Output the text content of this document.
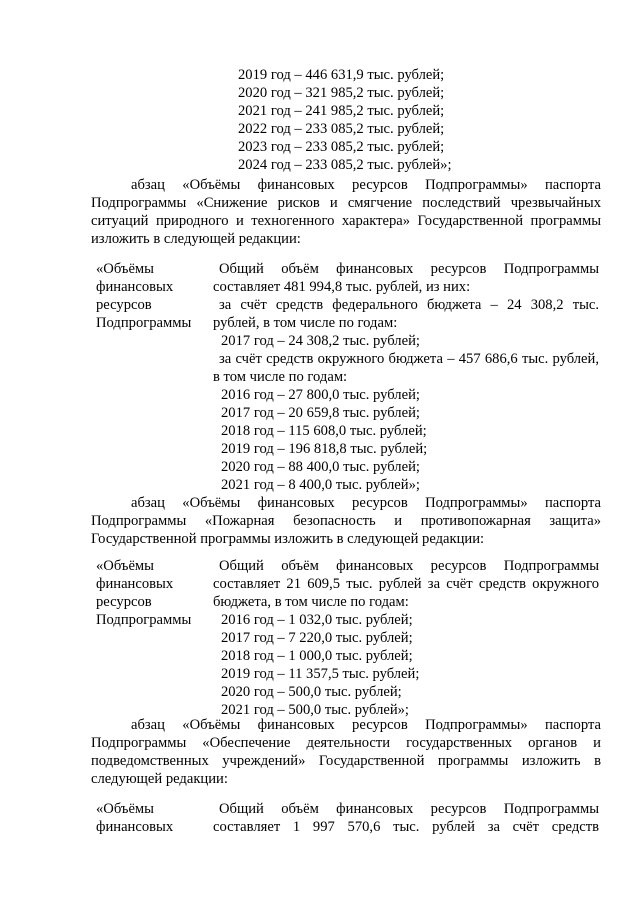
2019 год – 446 631,9 тыс. рублей;
2020 год – 321 985,2 тыс. рублей;
2021 год – 241 985,2 тыс. рублей;
2022 год – 233 085,2 тыс. рублей;
2023 год – 233 085,2 тыс. рублей;
2024 год – 233 085,2 тыс. рублей»;
абзац «Объёмы финансовых ресурсов Подпрограммы» паспорта Подпрограммы «Снижение рисков и смягчение последствий чрезвычайных ситуаций природного и техногенного характера» Государственной программы изложить в следующей редакции:
«Объёмы
финансовых
ресурсов
Подпрограммы
Общий объём финансовых ресурсов Подпрограммы составляет 481 994,8 тыс. рублей, из них:
за счёт средств федерального бюджета – 24 308,2 тыс. рублей, в том числе по годам:
2017 год – 24 308,2 тыс. рублей;
за счёт средств окружного бюджета – 457 686,6 тыс. рублей, в том числе по годам:
2016 год – 27 800,0 тыс. рублей;
2017 год – 20 659,8 тыс. рублей;
2018 год – 115 608,0 тыс. рублей;
2019 год – 196 818,8 тыс. рублей;
2020 год – 88 400,0 тыс. рублей;
2021 год – 8 400,0 тыс. рублей»;
абзац «Объёмы финансовых ресурсов Подпрограммы» паспорта Подпрограммы «Пожарная безопасность и противопожарная защита» Государственной программы изложить в следующей редакции:
«Объёмы
финансовых
ресурсов
Подпрограммы
Общий объём финансовых ресурсов Подпрограммы составляет 21 609,5 тыс. рублей за счёт средств окружного бюджета, в том числе по годам:
2016 год – 1 032,0 тыс. рублей;
2017 год – 7 220,0 тыс. рублей;
2018 год – 1 000,0 тыс. рублей;
2019 год – 11 357,5 тыс. рублей;
2020 год – 500,0 тыс. рублей;
2021 год – 500,0 тыс. рублей»;
абзац «Объёмы финансовых ресурсов Подпрограммы» паспорта Подпрограммы «Обеспечение деятельности государственных органов и подведомственных учреждений» Государственной программы изложить в следующей редакции:
«Объёмы
финансовых
Общий объём финансовых ресурсов Подпрограммы составляет 1 997 570,6 тыс. рублей за счёт средств
